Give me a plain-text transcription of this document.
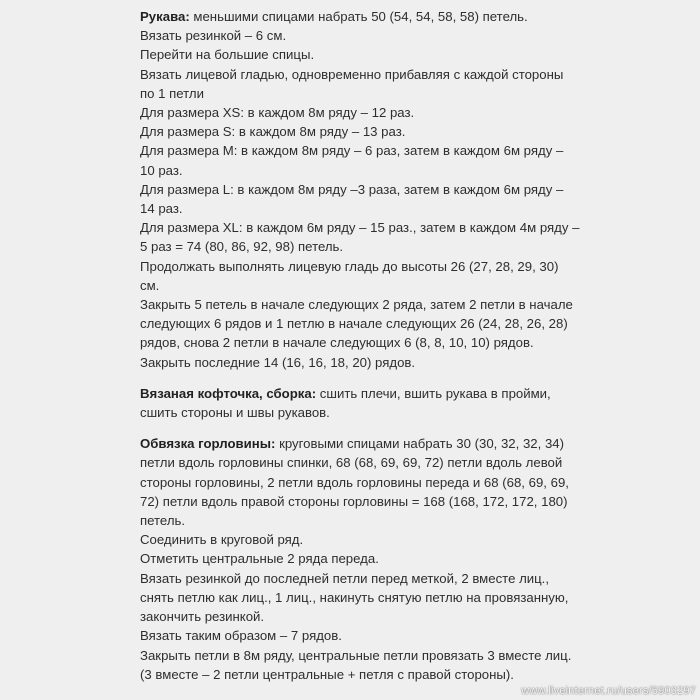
Рукава: меньшими спицами набрать 50 (54, 54, 58, 58) петель.

Вязать резинкой – 6 см.

Перейти на большие спицы.

Вязать лицевой гладью, одновременно прибавляя с каждой стороны по 1 петли

Для размера XS: в каждом 8м ряду – 12 раз.

Для размера S: в каждом 8м ряду – 13 раз.

Для размера M: в каждом 8м ряду – 6 раз, затем в каждом 6м ряду – 10 раз.

Для размера L: в каждом 8м ряду –3 раза, затем в каждом 6м ряду – 14 раз.

Для размера XL: в каждом 6м ряду – 15 раз., затем в каждом 4м ряду – 5 раз = 74 (80, 86, 92, 98) петель.

Продолжать выполнять лицевую гладь до высоты 26 (27, 28, 29, 30) см.

Закрыть 5 петель в начале следующих 2 ряда, затем 2 петли в начале следующих 6 рядов и 1 петлю в начале следующих 26 (24, 28, 26, 28) рядов, снова 2 петли в начале следующих 6 (8, 8, 10, 10) рядов.

Закрыть последние 14 (16, 16, 18, 20) рядов.

Вязаная кофточка, сборка: сшить плечи, вшить рукава в пройми, сшить стороны и швы рукавов.

Обвязка горловины: круговыми спицами набрать 30 (30, 32, 32, 34) петли вдоль горловины спинки, 68 (68, 69, 69, 72) петли вдоль левой стороны горловины, 2 петли вдоль горловины переда и 68 (68, 69, 69, 72) петли вдоль правой стороны горловины = 168 (168, 172, 172, 180) петель.

Соединить в круговой ряд.

Отметить центральные 2 ряда переда.

Вязать резинкой до последней петли перед меткой, 2 вместе лиц., снять петлю как лиц., 1 лиц., накинуть снятую петлю на провязанную, закончить резинкой.

Вязать таким образом – 7 рядов.

Закрыть петли в 8м ряду, центральные петли провязать 3 вместе лиц. (3 вместе – 2 петли центральные + петля с правой стороны).

www.liveinternet.ru/users/5903297
